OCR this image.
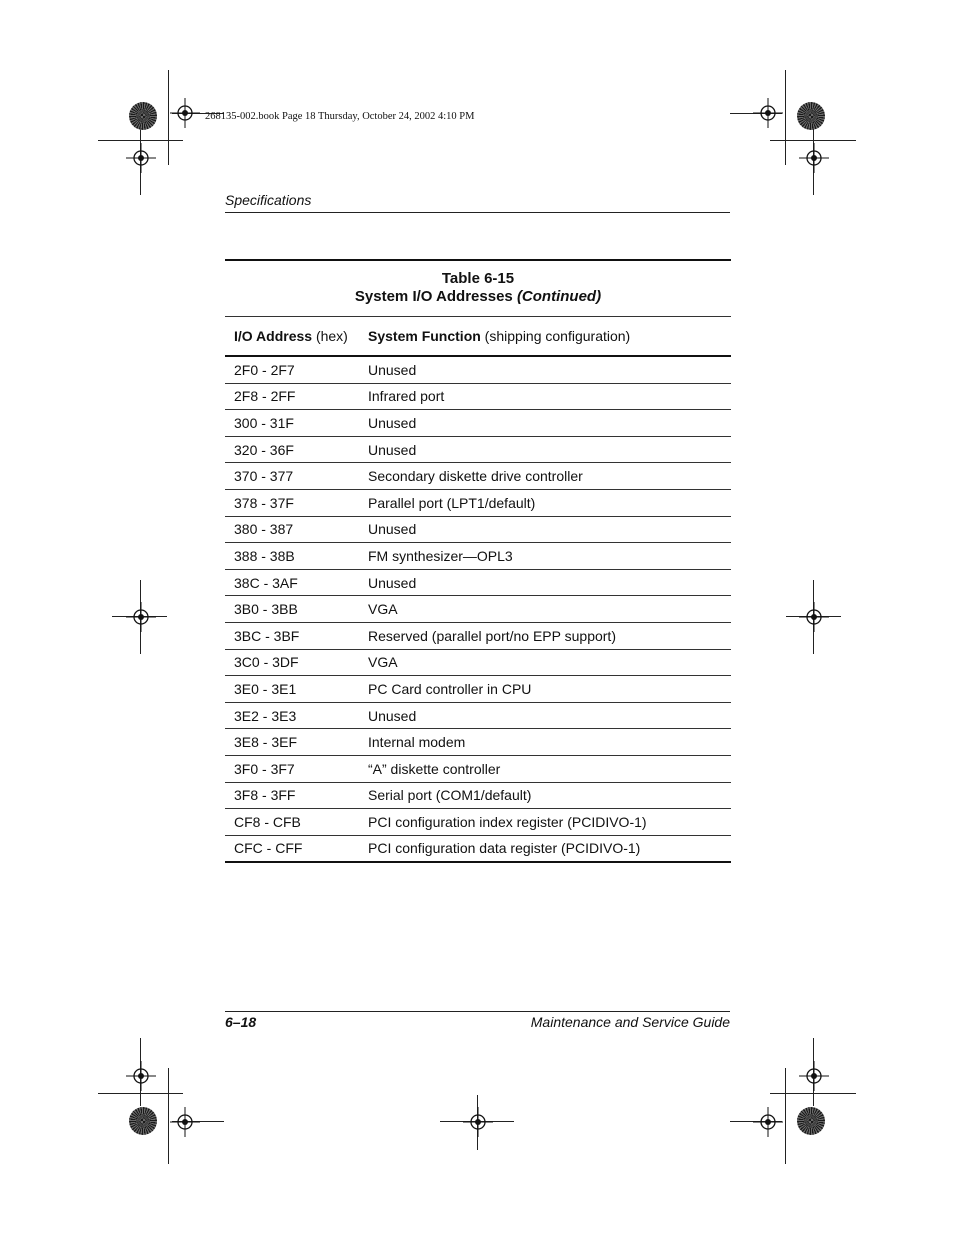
268135-002.book Page 18 Thursday, October 24, 2002 4:10 PM
Specifications
Table 6-15
System I/O Addresses (Continued)
I/O Address (hex)	System Function (shipping configuration)
2F0 - 2F7	Unused
2F8 - 2FF	Infrared port
300 - 31F	Unused
320 - 36F	Unused
370 - 377	Secondary diskette drive controller
378 - 37F	Parallel port (LPT1/default)
380 - 387	Unused
388 - 38B	FM synthesizer—OPL3
38C - 3AF	Unused
3B0 - 3BB	VGA
3BC - 3BF	Reserved (parallel port/no EPP support)
3C0 - 3DF	VGA
3E0 - 3E1	PC Card controller in CPU
3E2 - 3E3	Unused
3E8 - 3EF	Internal modem
3F0 - 3F7	“A” diskette controller
3F8 - 3FF	Serial port (COM1/default)
CF8 - CFB	PCI configuration index register (PCIDIVO-1)
CFC - CFF	PCI configuration data register (PCIDIVO-1)
6–18	Maintenance and Service Guide
